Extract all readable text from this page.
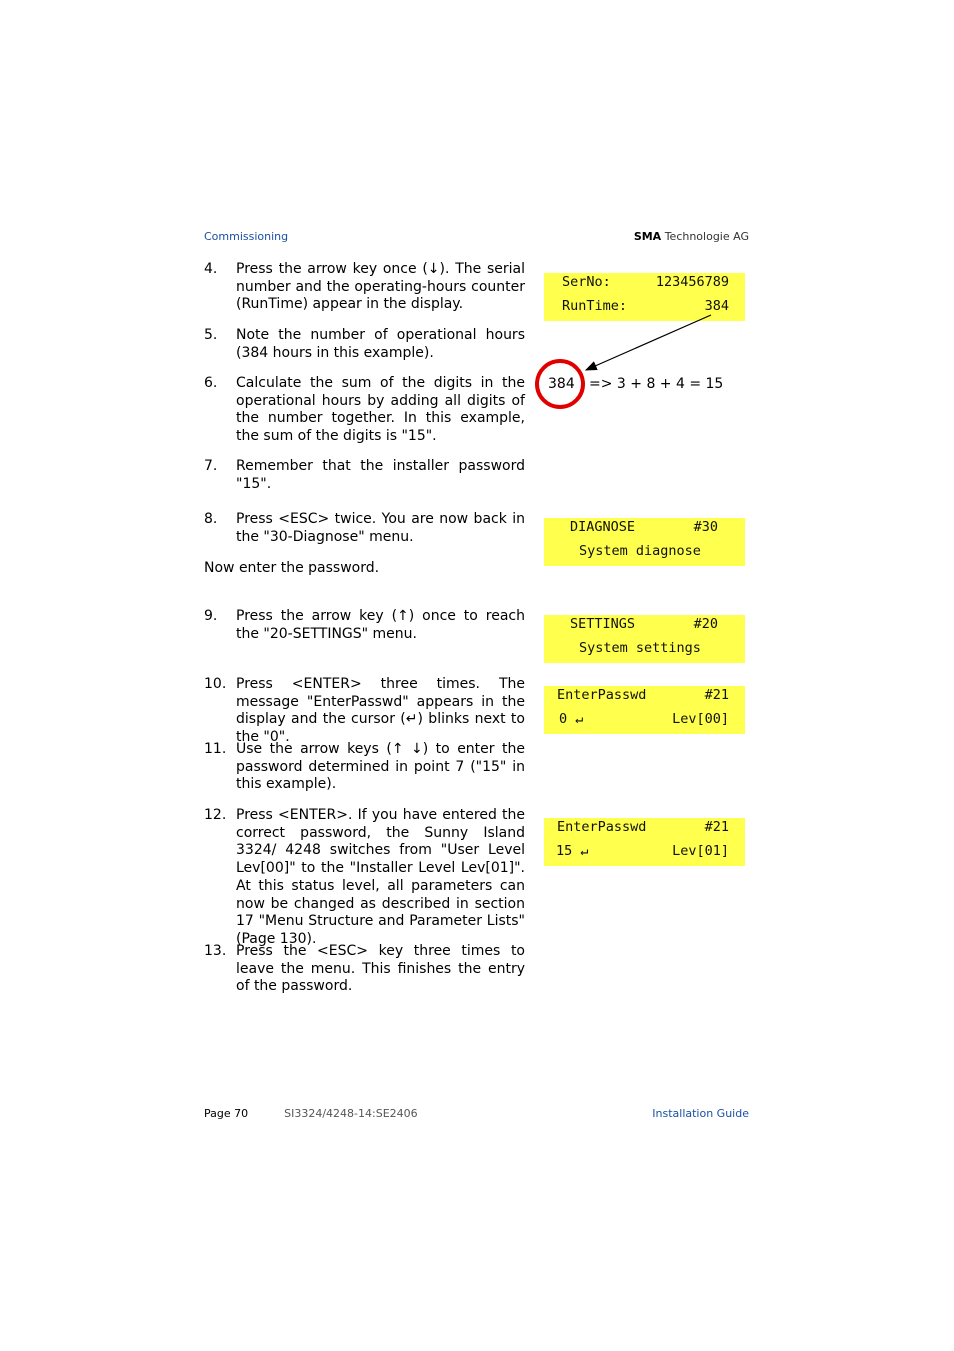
Commissioning	SMA Technologie AG
4. Press the arrow key once (↓). The serial number and the operating-hours counter (RunTime) appear in the display.
5. Note the number of operational hours (384 hours in this example).
6. Calculate the sum of the digits in the operational hours by adding all digits of the number together. In this example, the sum of the digits is "15".
7. Remember that the installer password "15".
8. Press <ESC> twice. You are now back in the "30-Diagnose" menu.
Now enter the password.
9. Press the arrow key (↑) once to reach the "20-SETTINGS" menu.
10. Press <ENTER> three times. The message "EnterPasswd" appears in the display and the cursor (↵) blinks next to the "0".
11. Use the arrow keys (↑ ↓) to enter the password determined in point 7 ("15" in this example).
12. Press <ENTER>. If you have entered the correct password, the Sunny Island 3324/ 4248 switches from "User Level Lev[00]" to the "Installer Level Lev[01]". At this status level, all parameters can now be changed as described in section 17 "Menu Structure and Parameter Lists" (Page 130).
13. Press the <ESC> key three times to leave the menu. This finishes the entry of the password.
SerNo:	123456789
RunTime:	384
DIAGNOSE	#30
System diagnose
SETTINGS	#20
System settings
EnterPasswd	#21
0 ↵	Lev[00]
EnterPasswd	#21
15 ↵	Lev[01]
384 => 3 + 8 + 4 = 15
Page 70	SI3324/4248-14:SE2406	Installation Guide
